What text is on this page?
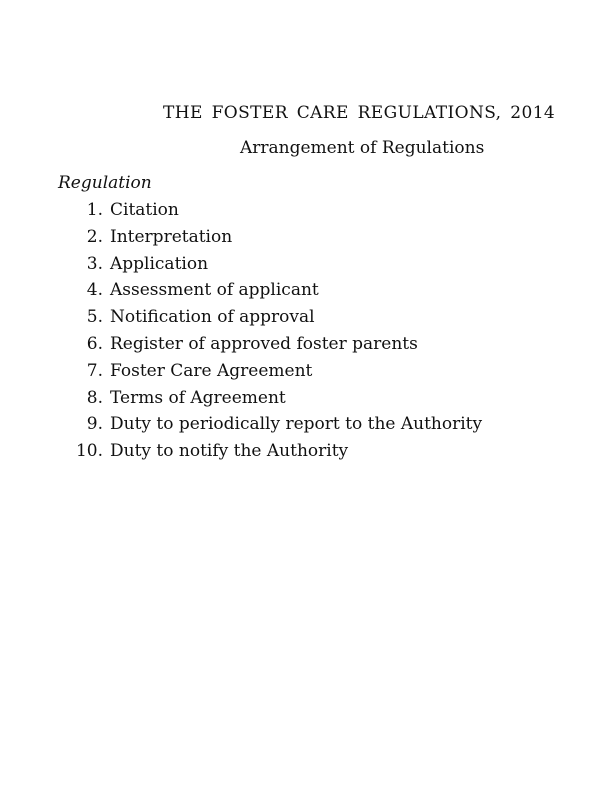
THE FOSTER CARE REGULATIONS, 2014
Arrangement of Regulations
Regulation
1. Citation
2. Interpretation
3. Application
4. Assessment of applicant
5. Notification of approval
6. Register of approved foster parents
7. Foster Care Agreement
8. Terms of Agreement
9. Duty to periodically report to the Authority
10. Duty to notify the Authority
